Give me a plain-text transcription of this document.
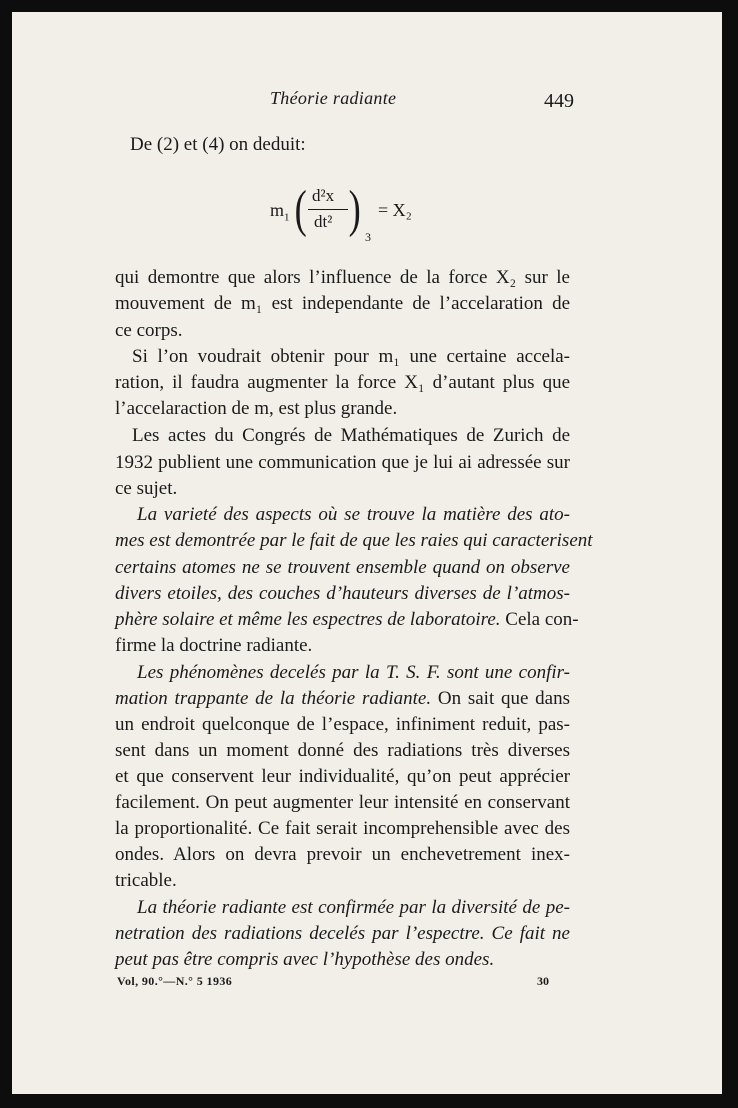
Théorie radiante	449
De (2) et (4) on deduit:
$m_1$ ( d²x
dt² ) 3
= X₂
qui demontre que alors l’influence de la force X₂ sur le
mouvement de m₁ est independante de l’accelaration de
ce corps.
Si l’on voudrait obtenir pour m₁ une certaine accela-
ration, il faudra augmenter la force X₁ d’autant plus que
l’accelaraction de m, est plus grande.
Les actes du Congrés de Mathématiques de Zurich de
1932 publient une communication que je lui ai adressée sur
ce sujet.
La varieté des aspects où se trouve la matière des ato-
mes est demontrée par le fait de que les raies qui caracterisent
certains atomes ne se trouvent ensemble quand on observe
divers etoiles, des couches d’hauteurs diverses de l’atmos-
phère solaire et même les espectres de laboratoire. Cela con-
firme la doctrine radiante.
Les phénomènes decelés par la T. S. F. sont une confir-
mation trappante de la théorie radiante. On sait que dans
un endroit quelconque de l’espace, infiniment reduit, pas-
sent dans un moment donné des radiations très diverses
et que conservent leur individualité, qu’on peut apprécier
facilement. On peut augmenter leur intensité en conservant
la proportionalité. Ce fait serait incomprehensible avec des
ondes. Alors on devra prevoir un enchevetrement inex-
tricable.
La théorie radiante est confirmée par la diversité de pe-
netration des radiations decelés par l’espectre. Ce fait ne
peut pas être compris avec l’hypothèse des ondes.
Vol, 90.°—N.° 5 1936	30
